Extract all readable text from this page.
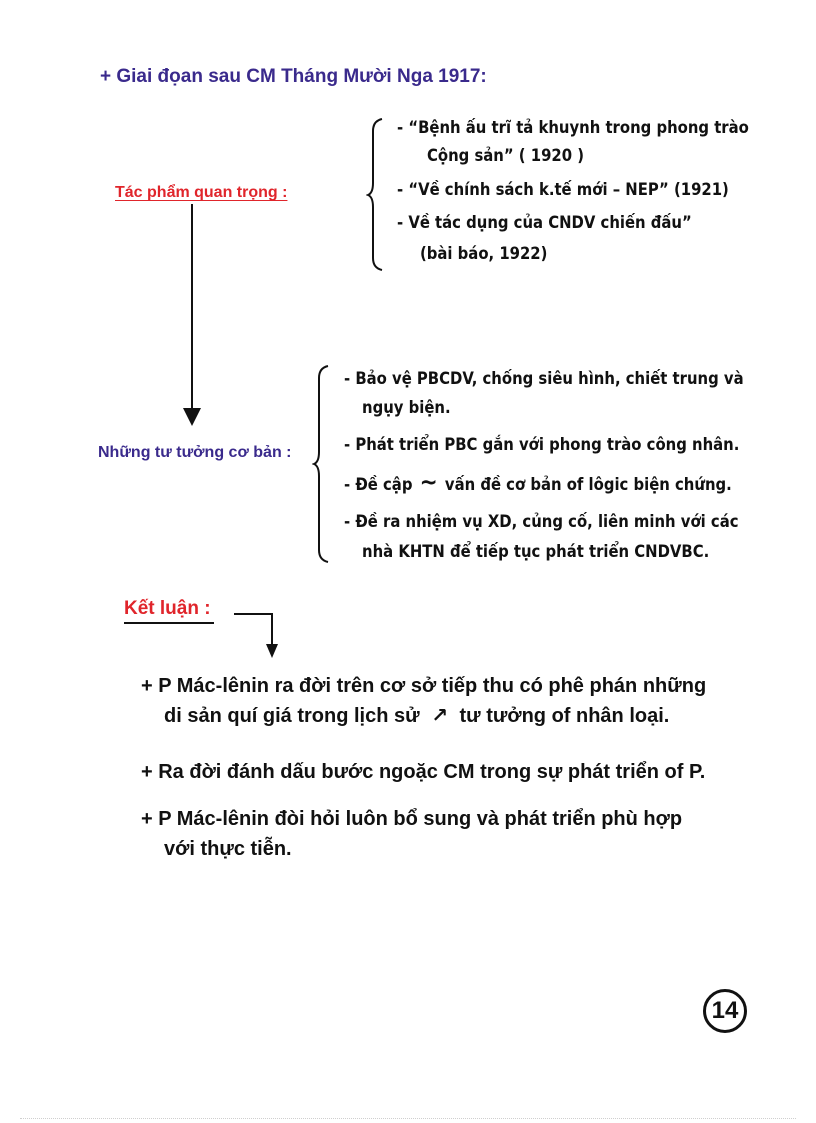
+ Giai đọan sau CM Tháng Mười Nga 1917:
Tác phẩm quan trọng :
- “Bệnh ấu trĩ tả khuynh trong phong trào
Cộng sản” ( 1920 )
- “Về chính sách k.tế mới – NEP” (1921)
- Về tác dụng của CNDV chiến đấu”
(bài báo, 1922)
Những tư tưởng cơ bản :
- Bảo vệ PBCDV, chống siêu hình, chiết trung và
ngụy biện.
- Phát triển PBC gắn với phong trào công nhân.
- Đề cập ~ vấn đề cơ bản of lôgic biện chứng.
- Đề ra nhiệm vụ XD, củng cố, liên minh với các
nhà KHTN để tiếp tục phát triển CNDVBC.
Kết luận :
+ P Mác-lênin ra đời trên cơ sở tiếp thu có phê phán những
di sản quí giá trong lịch sử ↗ tư tưởng of nhân loại.
+ Ra đời đánh dấu bước ngoặc CM trong sự phát triển of P.
+ P Mác-lênin đòi hỏi luôn bổ sung và phát triển phù hợp
với thực tiễn.
14
